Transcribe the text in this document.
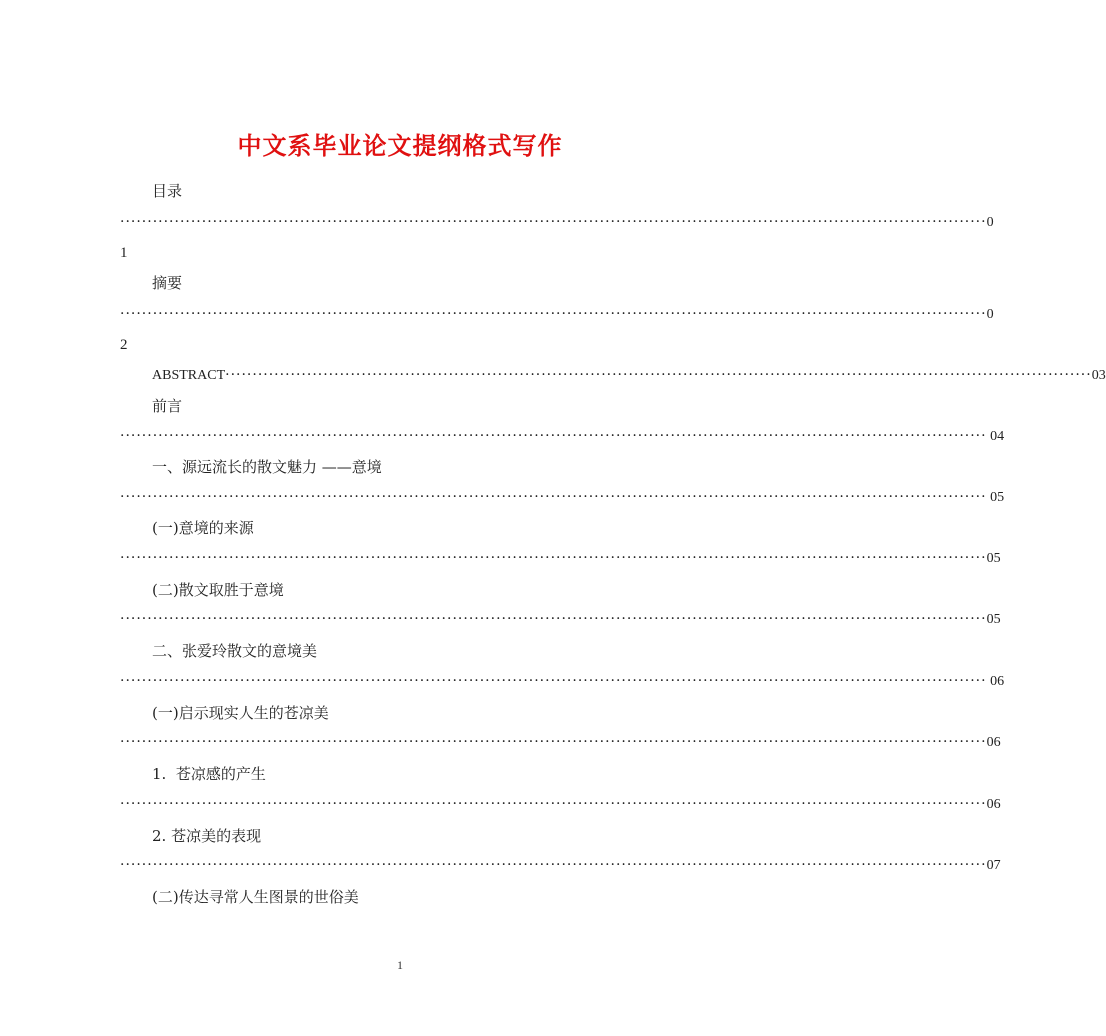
中文系毕业论文提纲格式写作
目录
······························································································································································· 0
1
摘要
······························································································································································· 0
2
ABSTRACT ······························································································································································· 03
前言
······························································································································································· 04
一、源远流长的散文魅力 ——意境
······························································································································································· 05
(一)意境的来源
······························································································································································· 05
(二)散文取胜于意境
······························································································································································· 05
二、张爱玲散文的意境美
······························································································································································· 06
(一)启示现实人生的苍凉美
······························································································································································· 06
1.  苍凉感的产生
······························································································································································· 06
2. 苍凉美的表现
······························································································································································· 07
(二)传达寻常人生图景的世俗美
1
